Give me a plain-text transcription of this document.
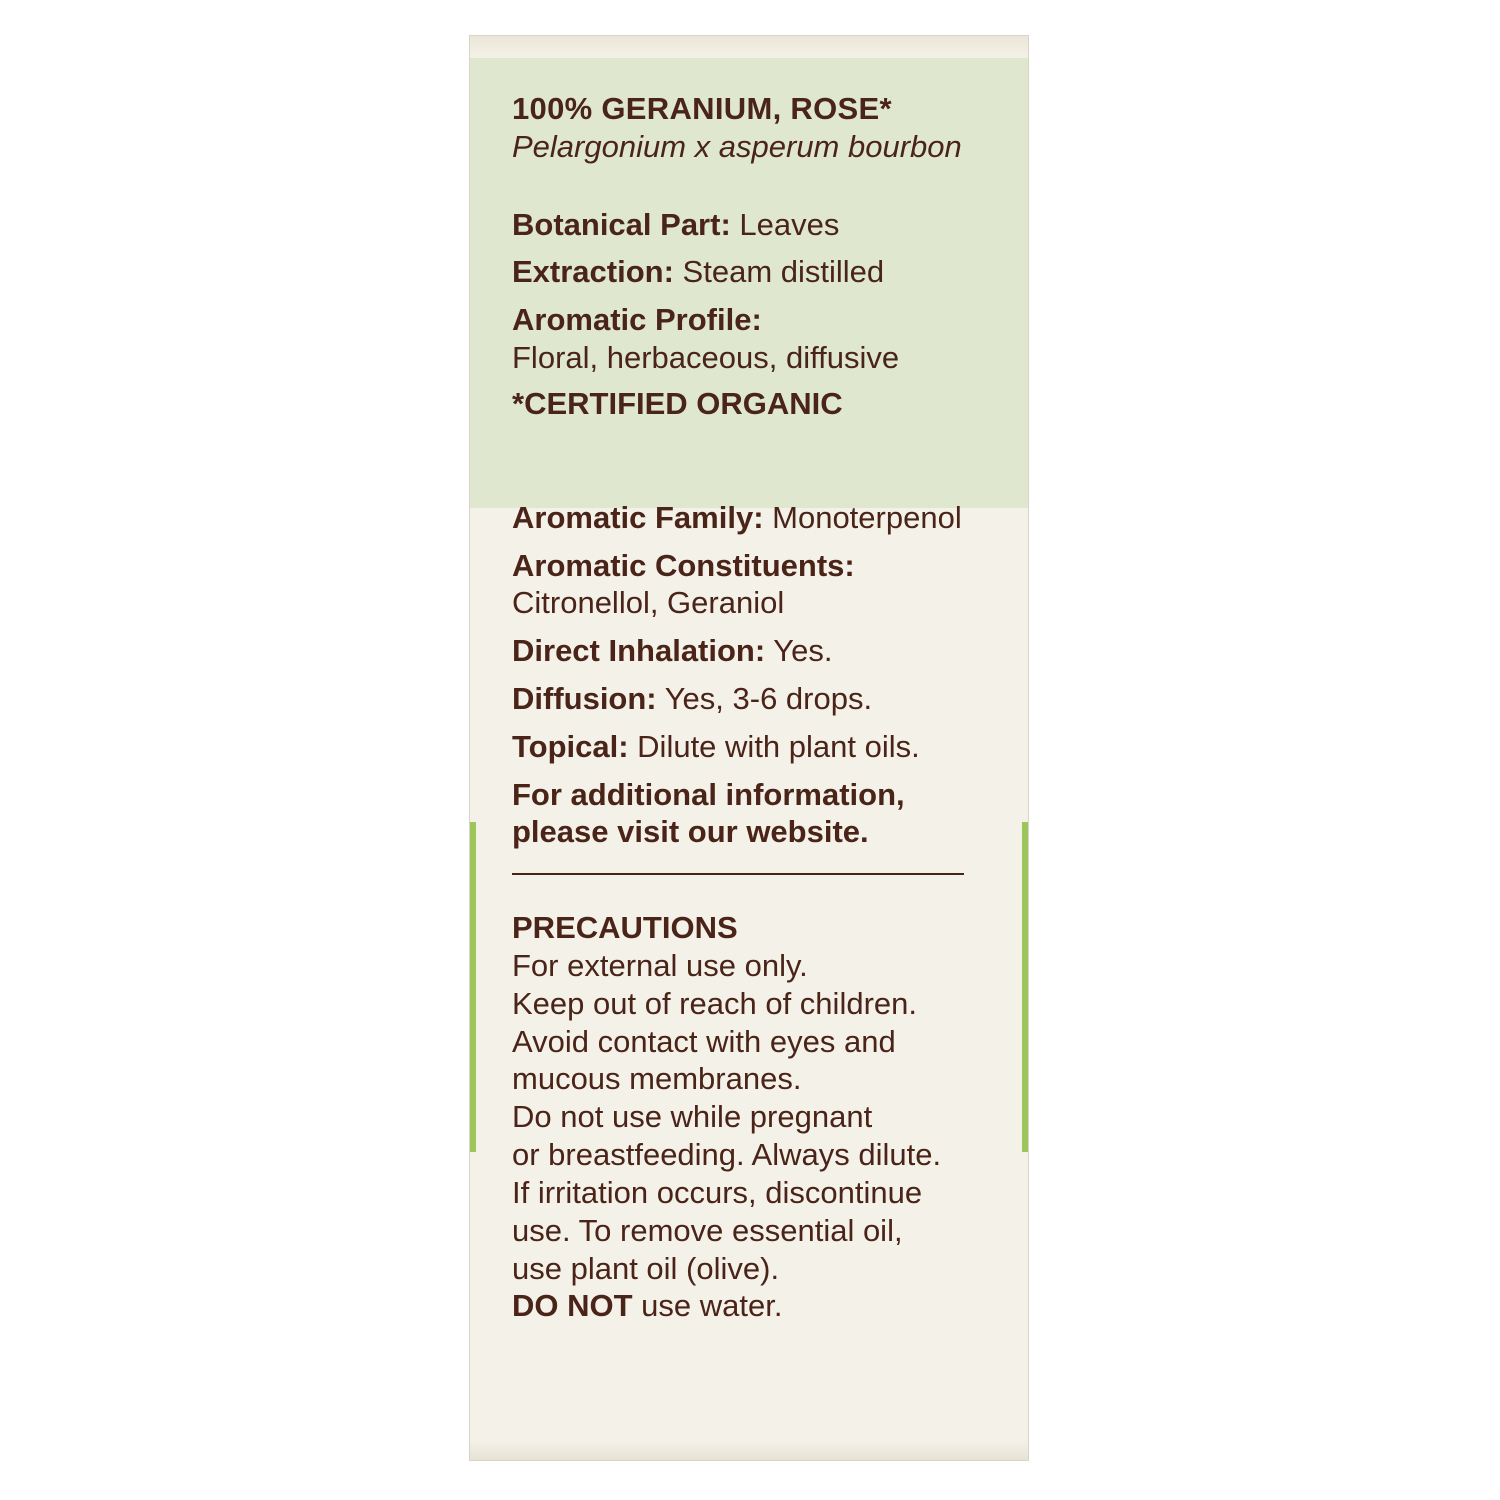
100% GERANIUM, ROSE*
Pelargonium x asperum bourbon
Botanical Part: Leaves
Extraction: Steam distilled
Aromatic Profile:
Floral, herbaceous, diffusive
*CERTIFIED ORGANIC
Aromatic Family: Monoterpenol
Aromatic Constituents:
Citronellol, Geraniol
Direct Inhalation: Yes.
Diffusion: Yes, 3-6 drops.
Topical: Dilute with plant oils.
For additional information,
please visit our website.
PRECAUTIONS
For external use only.
Keep out of reach of children.
Avoid contact with eyes and
mucous membranes.
Do not use while pregnant
or breastfeeding. Always dilute.
If irritation occurs, discontinue
use. To remove essential oil,
use plant oil (olive).
DO NOT use water.
